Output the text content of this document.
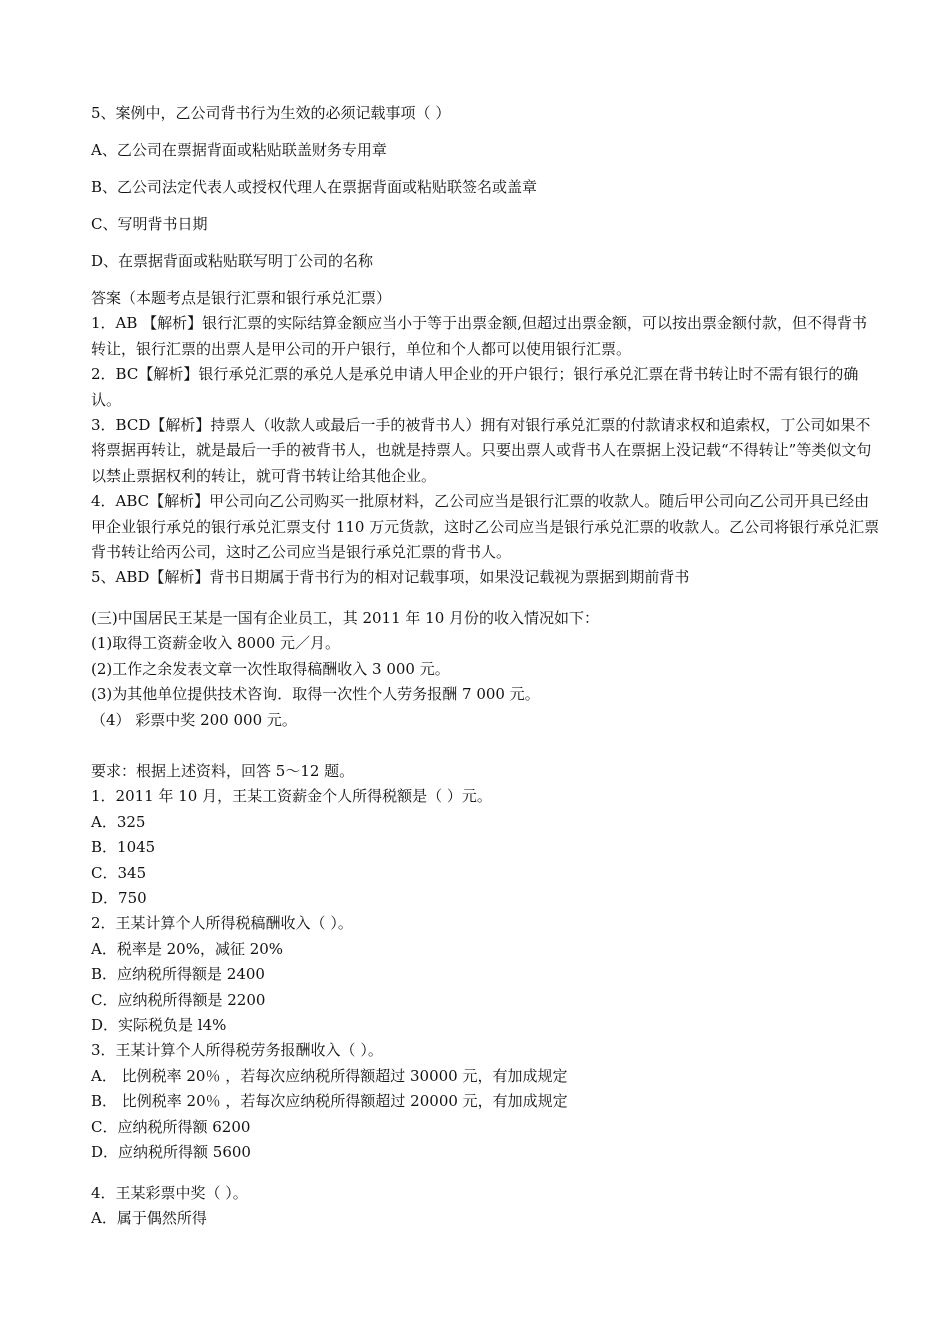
5、案例中，乙公司背书行为生效的必须记载事项（ ）

A、乙公司在票据背面或粘贴联盖财务专用章

B、乙公司法定代表人或授权代理人在票据背面或粘贴联签名或盖章

C、写明背书日期

D、在票据背面或粘贴联写明丁公司的名称

答案（本题考点是银行汇票和银行承兑汇票）

1．AB 【解析】银行汇票的实际结算金额应当小于等于出票金额,但超过出票金额，可以按出票金额付款，但不得背书转让，银行汇票的出票人是甲公司的开户银行，单位和个人都可以使用银行汇票。

2．BC【解析】银行承兑汇票的承兑人是承兑申请人甲企业的开户银行；银行承兑汇票在背书转让时不需有银行的确认。

3．BCD【解析】持票人（收款人或最后一手的被背书人）拥有对银行承兑汇票的付款请求权和追索权，丁公司如果不将票据再转让，就是最后一手的被背书人，也就是持票人。只要出票人或背书人在票据上没记载“不得转让”等类似文句以禁止票据权利的转让，就可背书转让给其他企业。

4．ABC【解析】甲公司向乙公司购买一批原材料，乙公司应当是银行汇票的收款人。随后甲公司向乙公司开具已经由甲企业银行承兑的银行承兑汇票支付 110 万元货款，这时乙公司应当是银行承兑汇票的收款人。乙公司将银行承兑汇票背书转让给丙公司，这时乙公司应当是银行承兑汇票的背书人。

5、ABD【解析】背书日期属于背书行为的相对记载事项，如果没记载视为票据到期前背书

(三)中国居民王某是一国有企业员工，其 2011 年 10 月份的收入情况如下：

(1)取得工资薪金收入 8000 元／月。

(2)工作之余发表文章一次性取得稿酬收入 3 000 元。

(3)为其他单位提供技术咨询．取得一次性个人劳务报酬 7 000 元。

（4） 彩票中奖 200 000 元。

要求：根据上述资料，回答 5～12 题。

1．2011 年 10 月，王某工资薪金个人所得税额是（ ）元。

A．325

B．1045

C．345

D．750

2．王某计算个人所得税稿酬收入（ ）。

A．税率是 20%，减征 20%

B．应纳税所得额是 2400

C．应纳税所得额是 2200

D．实际税负是 l4%

3．王某计算个人所得税劳务报酬收入（ ）。

A． 比例税率 20％ ，若每次应纳税所得额超过 30000 元，有加成规定

B． 比例税率 20％ ，若每次应纳税所得额超过 20000 元，有加成规定

C．应纳税所得额 6200

D．应纳税所得额 5600

4．王某彩票中奖（ ）。

A．属于偶然所得
